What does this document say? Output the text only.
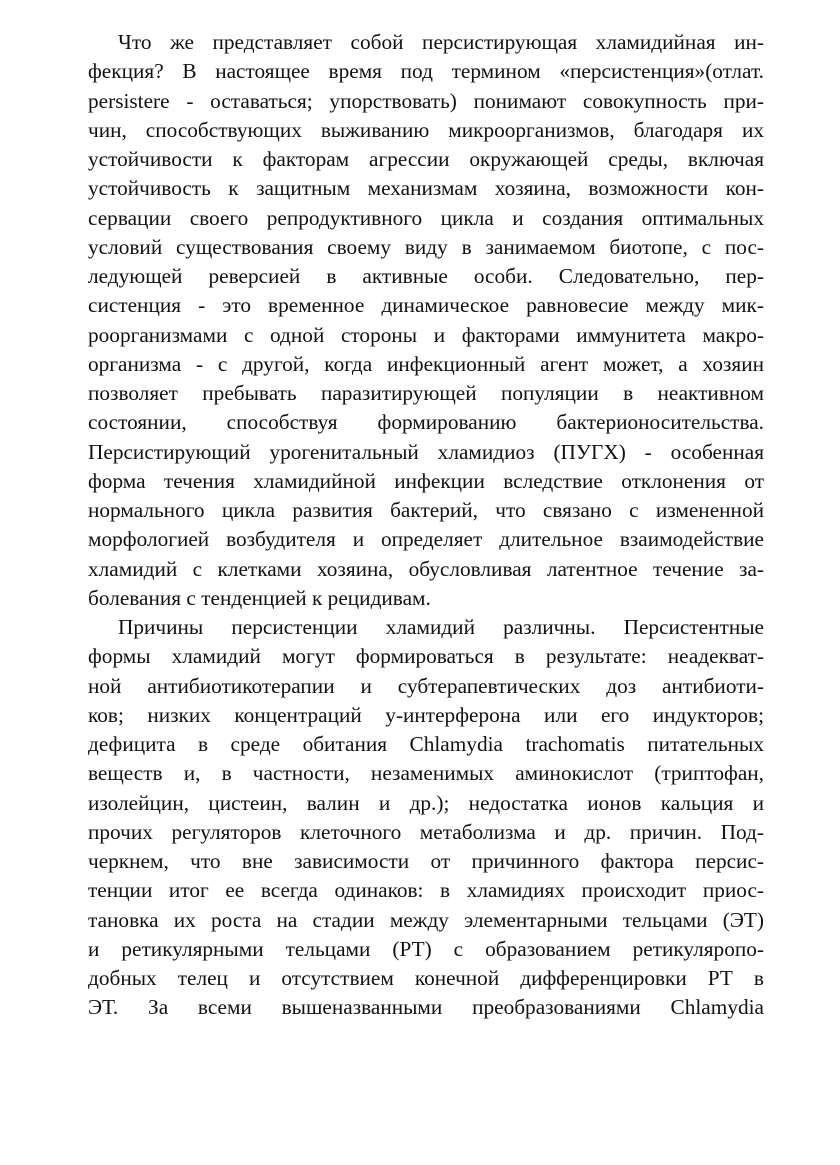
Что же представляет собой персистирующая хламидийная ин-
фекция? В настоящее время под термином «персистенция»(отлат.
persistere - оставаться; упорствовать) понимают совокупность при-
чин, способствующих выживанию микроорганизмов, благодаря их
устойчивости к факторам агрессии окружающей среды, включая
устойчивость к защитным механизмам хозяина, возможности кон-
сервации своего репродуктивного цикла и создания оптимальных
условий существования своему виду в занимаемом биотопе, с пос-
ледующей реверсией в активные особи. Следовательно, пер-
систенция - это временное динамическое равновесие между мик-
роорганизмами с одной стороны и факторами иммунитета макро-
организма - с другой, когда инфекционный агент может, а хозяин
позволяет пребывать паразитирующей популяции в неактивном
состоянии, способствуя формированию бактерионосительства.
Персистирующий урогенитальный хламидиоз (ПУГХ) - особенная
форма течения хламидийной инфекции вследствие отклонения от
нормального цикла развития бактерий, что связано с измененной
морфологией возбудителя и определяет длительное взаимодействие
хламидий с клетками хозяина, обусловливая латентное течение за-
болевания с тенденцией к рецидивам.
Причины персистенции хламидий различны. Персистентные
формы хламидий могут формироваться в результате: неадекват-
ной антибиотикотерапии и субтерапевтических доз антибиоти-
ков; низких концентраций у-интерферона или его индукторов;
дефицита в среде обитания Chlamydia trachomatis питательных
веществ и, в частности, незаменимых аминокислот (триптофан,
изолейцин, цистеин, валин и др.); недостатка ионов кальция и
прочих регуляторов клеточного метаболизма и др. причин. Под-
черкнем, что вне зависимости от причинного фактора персис-
тенции итог ее всегда одинаков: в хламидиях происходит приос-
тановка их роста на стадии между элементарными тельцами (ЭТ)
и ретикулярными тельцами (РТ) с образованием ретикуляропо-
добных телец и отсутствием конечной дифференцировки РТ в
ЭТ. За всеми вышеназванными преобразованиями Chlamydia
